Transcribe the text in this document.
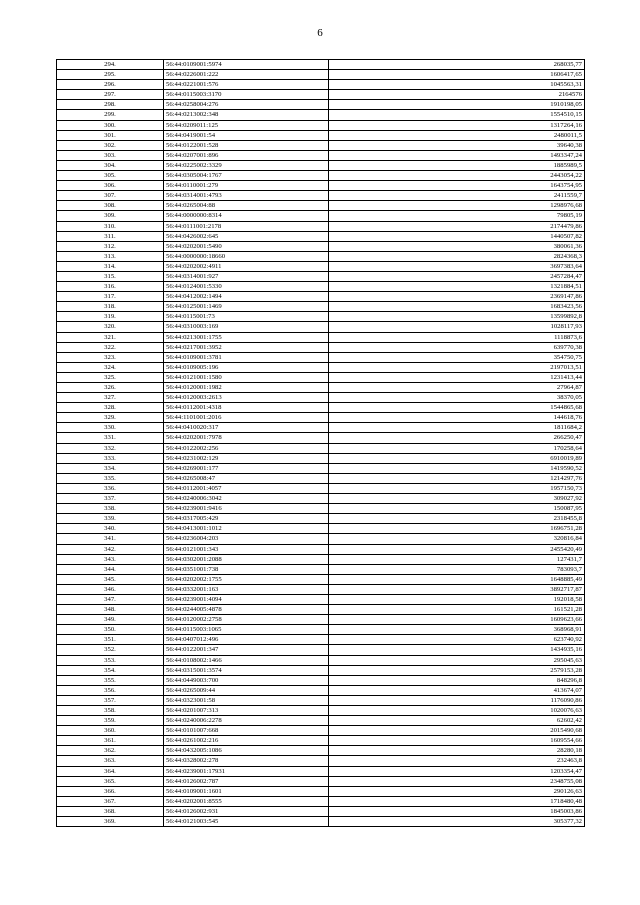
6
294.	56:44:0109001:5974	268035,77
295.	56:44:0226001:222	1606417,65
296.	56:44:0221001:576	1045563,31
297.	56:44:0115003:3170	2164576
298.	56:44:0258004:276	1910198,05
299.	56:44:0213002:348	1554510,15
300.	56:44:0209011:125	1317264,16
301.	56:44:0419001:54	2480011,5
302.	56:44:0122001:528	39640,38
303.	56:44:0207001:896	1493347,24
304.	56:44:0225002:3329	1885989,5
305.	56:44:0305004:1767	2443054,22
306.	56:44:0110001:279	1643754,95
307.	56:44:0314001:4793	2411559,7
308.	56:44:0265004:88	1298976,68
309.	56:44:0000000:8314	79805,19
310.	56:44:0111001:2178	2174479,86
311.	56:44:0426002:645	1440507,82
312.	56:44:0202001:5490	380061,36
313.	56:44:0000000:18660	2824368,3
314.	56:44:0202002:4911	3697383,64
315.	56:44:0314001:927	2457284,47
316.	56:44:0124001:5330	1321884,51
317.	56:44:0412002:1494	2369147,86
318.	56:44:0125001:1469	1683423,56
319.	56:44:0115001:73	13599892,8
320.	56:44:0310003:169	1028117,93
321.	56:44:0213001:1755	1118873,6
322.	56:44:0217001:3952	639770,38
323.	56:44:0109001:3781	354750,75
324.	56:44:0109005:196	2197013,51
325.	56:44:0121001:1580	1231413,44
326.	56:44:0120001:1982	27964,87
327.	56:44:0120003:2613	38370,05
328.	56:44:0112001:4318	1544865,68
329.	56:44:1101001:2016	144618,76
330.	56:44:0410020:317	1811684,2
331.	56:44:0202001:7978	266250,47
332.	56:44:0122002:256	170258,64
333.	56:44:0231002:129	6910019,89
334.	56:44:0269001:177	1419590,52
335.	56:44:0265008:47	1214297,76
336.	56:44:0112001:4057	1957150,73
337.	56:44:0240006:3042	309027,92
338.	56:44:0239001:9416	150087,95
339.	56:44:0317005:429	2318455,8
340.	56:44:0413001:1012	1696751,28
341.	56:44:0236004:203	320816,84
342.	56:44:0121001:343	2455420,49
343.	56:44:0302001:2088	127431,7
344.	56:44:0351001:738	783093,7
345.	56:44:0202002:1755	1648885,49
346.	56:44:0332001:163	3892717,87
347.	56:44:0239001:4094	192018,58
348.	56:44:0244005:4878	161521,28
349.	56:44:0120002:2758	1609623,66
350.	56:44:0115003:1065	368968,91
351.	56:44:0407012:496	623740,92
352.	56:44:0122001:347	1434935,16
353.	56:44:0108002:1466	295045,63
354.	56:44:0315001:3574	2579153,28
355.	56:44:0449003:700	848296,8
356.	56:44:0265009:44	413674,07
357.	56:44:0323001:58	1176090,86
358.	56:44:0201007:313	1020076,63
359.	56:44:0240006:2278	62602,42
360.	56:44:0101007:668	2015490,68
361.	56:44:0261002:216	1609554,66
362.	56:44:0432005:1086	28280,18
363.	56:44:0328002:278	232463,8
364.	56:44:0239001:17931	1203354,47
365.	56:44:0126002:787	2348755,08
366.	56:44:0109001:1601	290126,63
367.	56:44:0202001:8555	1718480,48
368.	56:44:0126002:931	1845003,86
369.	56:44:0121003:545	305377,32
